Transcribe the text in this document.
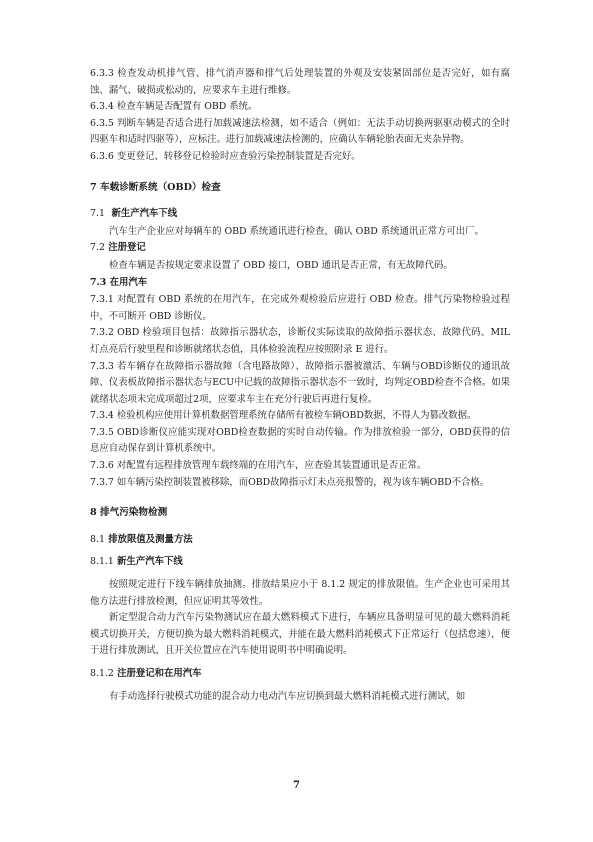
6.3.3 检查发动机排气管、排气消声器和排气后处理装置的外观及安装紧固部位是否完好，如有腐蚀、漏气、破损或松动的，应要求车主进行维修。

6.3.4 检查车辆是否配置有 OBD 系统。

6.3.5 判断车辆是否适合进行加载减速法检测，如不适合（例如：无法手动切换两驱驱动模式的全时四驱车和适时四驱等），应标注。进行加载减速法检测的，应确认车辆轮胎表面无夹杂异物。

6.3.6 变更登记、转移登记检验时应查验污染控制装置是否完好。

7 车载诊断系统（OBD）检查

7.1 新生产汽车下线

汽车生产企业应对每辆车的 OBD 系统通讯进行检查，确认 OBD 系统通讯正常方可出厂。

7.2 注册登记

检查车辆是否按规定要求设置了 OBD 接口，OBD 通讯是否正常，有无故障代码。

7.3 在用汽车

7.3.1 对配置有 OBD 系统的在用汽车，在完成外观检验后应进行 OBD 检查。排气污染物检验过程中，不可断开 OBD 诊断仪。

7.3.2 OBD 检验项目包括：故障指示器状态，诊断仪实际读取的故障指示器状态、故障代码、MIL 灯点亮后行驶里程和诊断就绪状态值，具体检验流程应按照附录 E 进行。

7.3.3 若车辆存在故障指示器故障（含电路故障）、故障指示器被激活、车辆与OBD诊断仪的通讯故障、仪表板故障指示器状态与ECU中记载的故障指示器状态不一致时，均判定OBD检查不合格。如果就绪状态项未完成项超过2项，应要求车主在充分行驶后再进行复检。

7.3.4 检验机构应使用计算机数据管理系统存储所有被检车辆OBD数据，不得人为篡改数据。

7.3.5 OBD诊断仪应能实现对OBD检查数据的实时自动传输。作为排放检验一部分，OBD获得的信息应自动保存到计算机系统中。

7.3.6 对配置有远程排放管理车载终端的在用汽车，应查验其装置通讯是否正常。

7.3.7 如车辆污染控制装置被移除，而OBD故障指示灯未点亮报警的，视为该车辆OBD不合格。

8 排气污染物检测

8.1 排放限值及测量方法

8.1.1 新生产汽车下线

按照规定进行下线车辆排放抽测。排放结果应小于 8.1.2 规定的排放限值。生产企业也可采用其他方法进行排放检测，但应证明其等效性。

新定型混合动力汽车污染物测试应在最大燃料模式下进行，车辆应具备明显可见的最大燃料消耗模式切换开关，方便切换为最大燃料消耗模式，并能在最大燃料消耗模式下正常运行（包括怠速），便于进行排放测试，且开关位置应在汽车使用说明书中明确说明。

8.1.2 注册登记和在用汽车

有手动选择行驶模式功能的混合动力电动汽车应切换到最大燃料消耗模式进行测试，如

7
